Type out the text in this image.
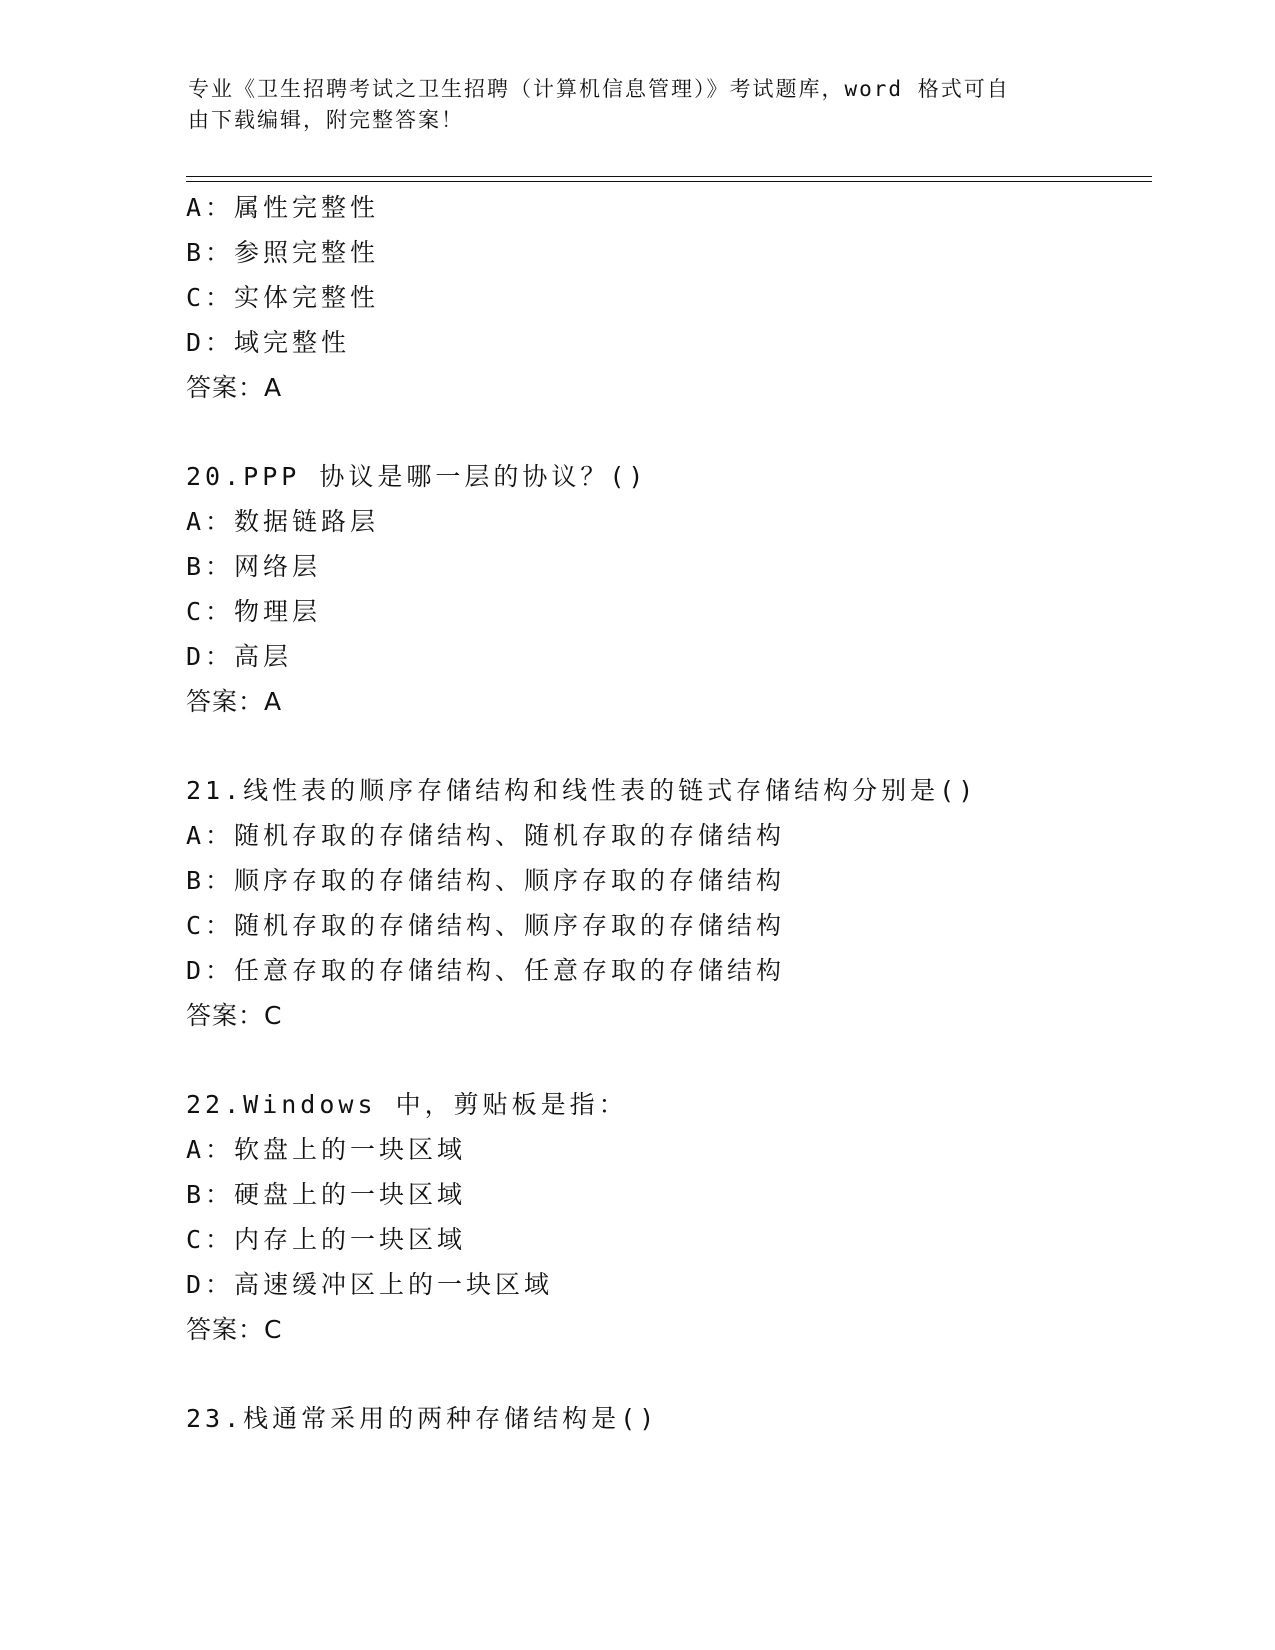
专业《卫生招聘考试之卫生招聘（计算机信息管理）》考试题库，word 格式可自
由下载编辑，附完整答案！
A：属性完整性
B：参照完整性
C：实体完整性
D：域完整性
答案：A
20.PPP 协议是哪一层的协议？()
A：数据链路层
B：网络层
C：物理层
D：高层
答案：A
21.线性表的顺序存储结构和线性表的链式存储结构分别是()
A：随机存取的存储结构、随机存取的存储结构
B：顺序存取的存储结构、顺序存取的存储结构
C：随机存取的存储结构、顺序存取的存储结构
D：任意存取的存储结构、任意存取的存储结构
答案：C
22.Windows 中，剪贴板是指：
A：软盘上的一块区域
B：硬盘上的一块区域
C：内存上的一块区域
D：高速缓冲区上的一块区域
答案：C
23.栈通常采用的两种存储结构是()
